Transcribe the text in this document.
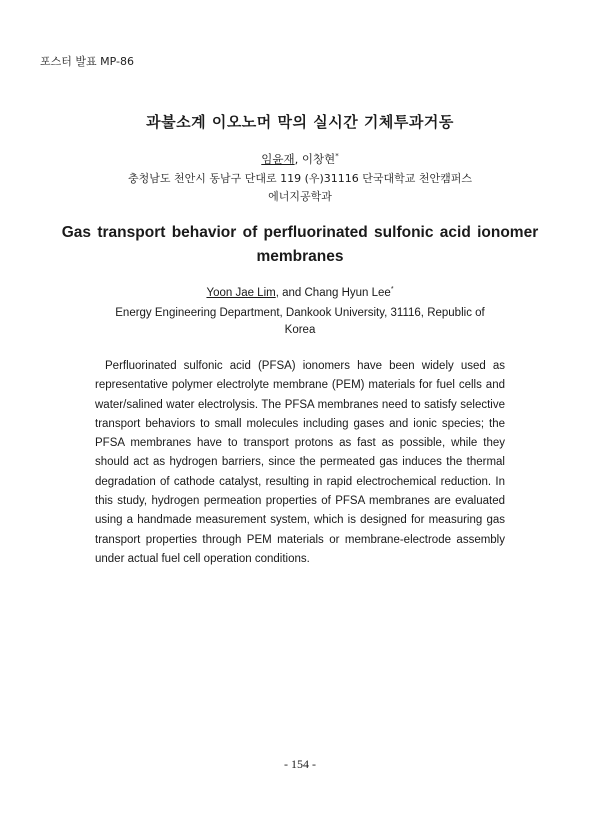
포스터 발표 MP-86
과불소계 이오노머 막의 실시간 기체투과거동
임윤재, 이창현*
충청남도 천안시 동남구 단대로 119 (우)31116 단국대학교 천안캠퍼스
에너지공학과
Gas transport behavior of perfluorinated sulfonic acid ionomer membranes
Yoon Jae Lim, and Chang Hyun Lee*
Energy Engineering Department, Dankook University, 31116, Republic of Korea

Perfluorinated sulfonic acid (PFSA) ionomers have been widely used as representative polymer electrolyte membrane (PEM) materials for fuel cells and water/salined water electrolysis. The PFSA membranes need to satisfy selective transport behaviors to small molecules including gases and ionic species; the PFSA membranes have to transport protons as fast as possible, while they should act as hydrogen barriers, since the permeated gas induces the thermal degradation of cathode catalyst, resulting in rapid electrochemical reduction. In this study, hydrogen permeation properties of PFSA membranes are evaluated using a handmade measurement system, which is designed for measuring gas transport properties through PEM materials or membrane-electrode assembly under actual fuel cell operation conditions.

- 154 -
